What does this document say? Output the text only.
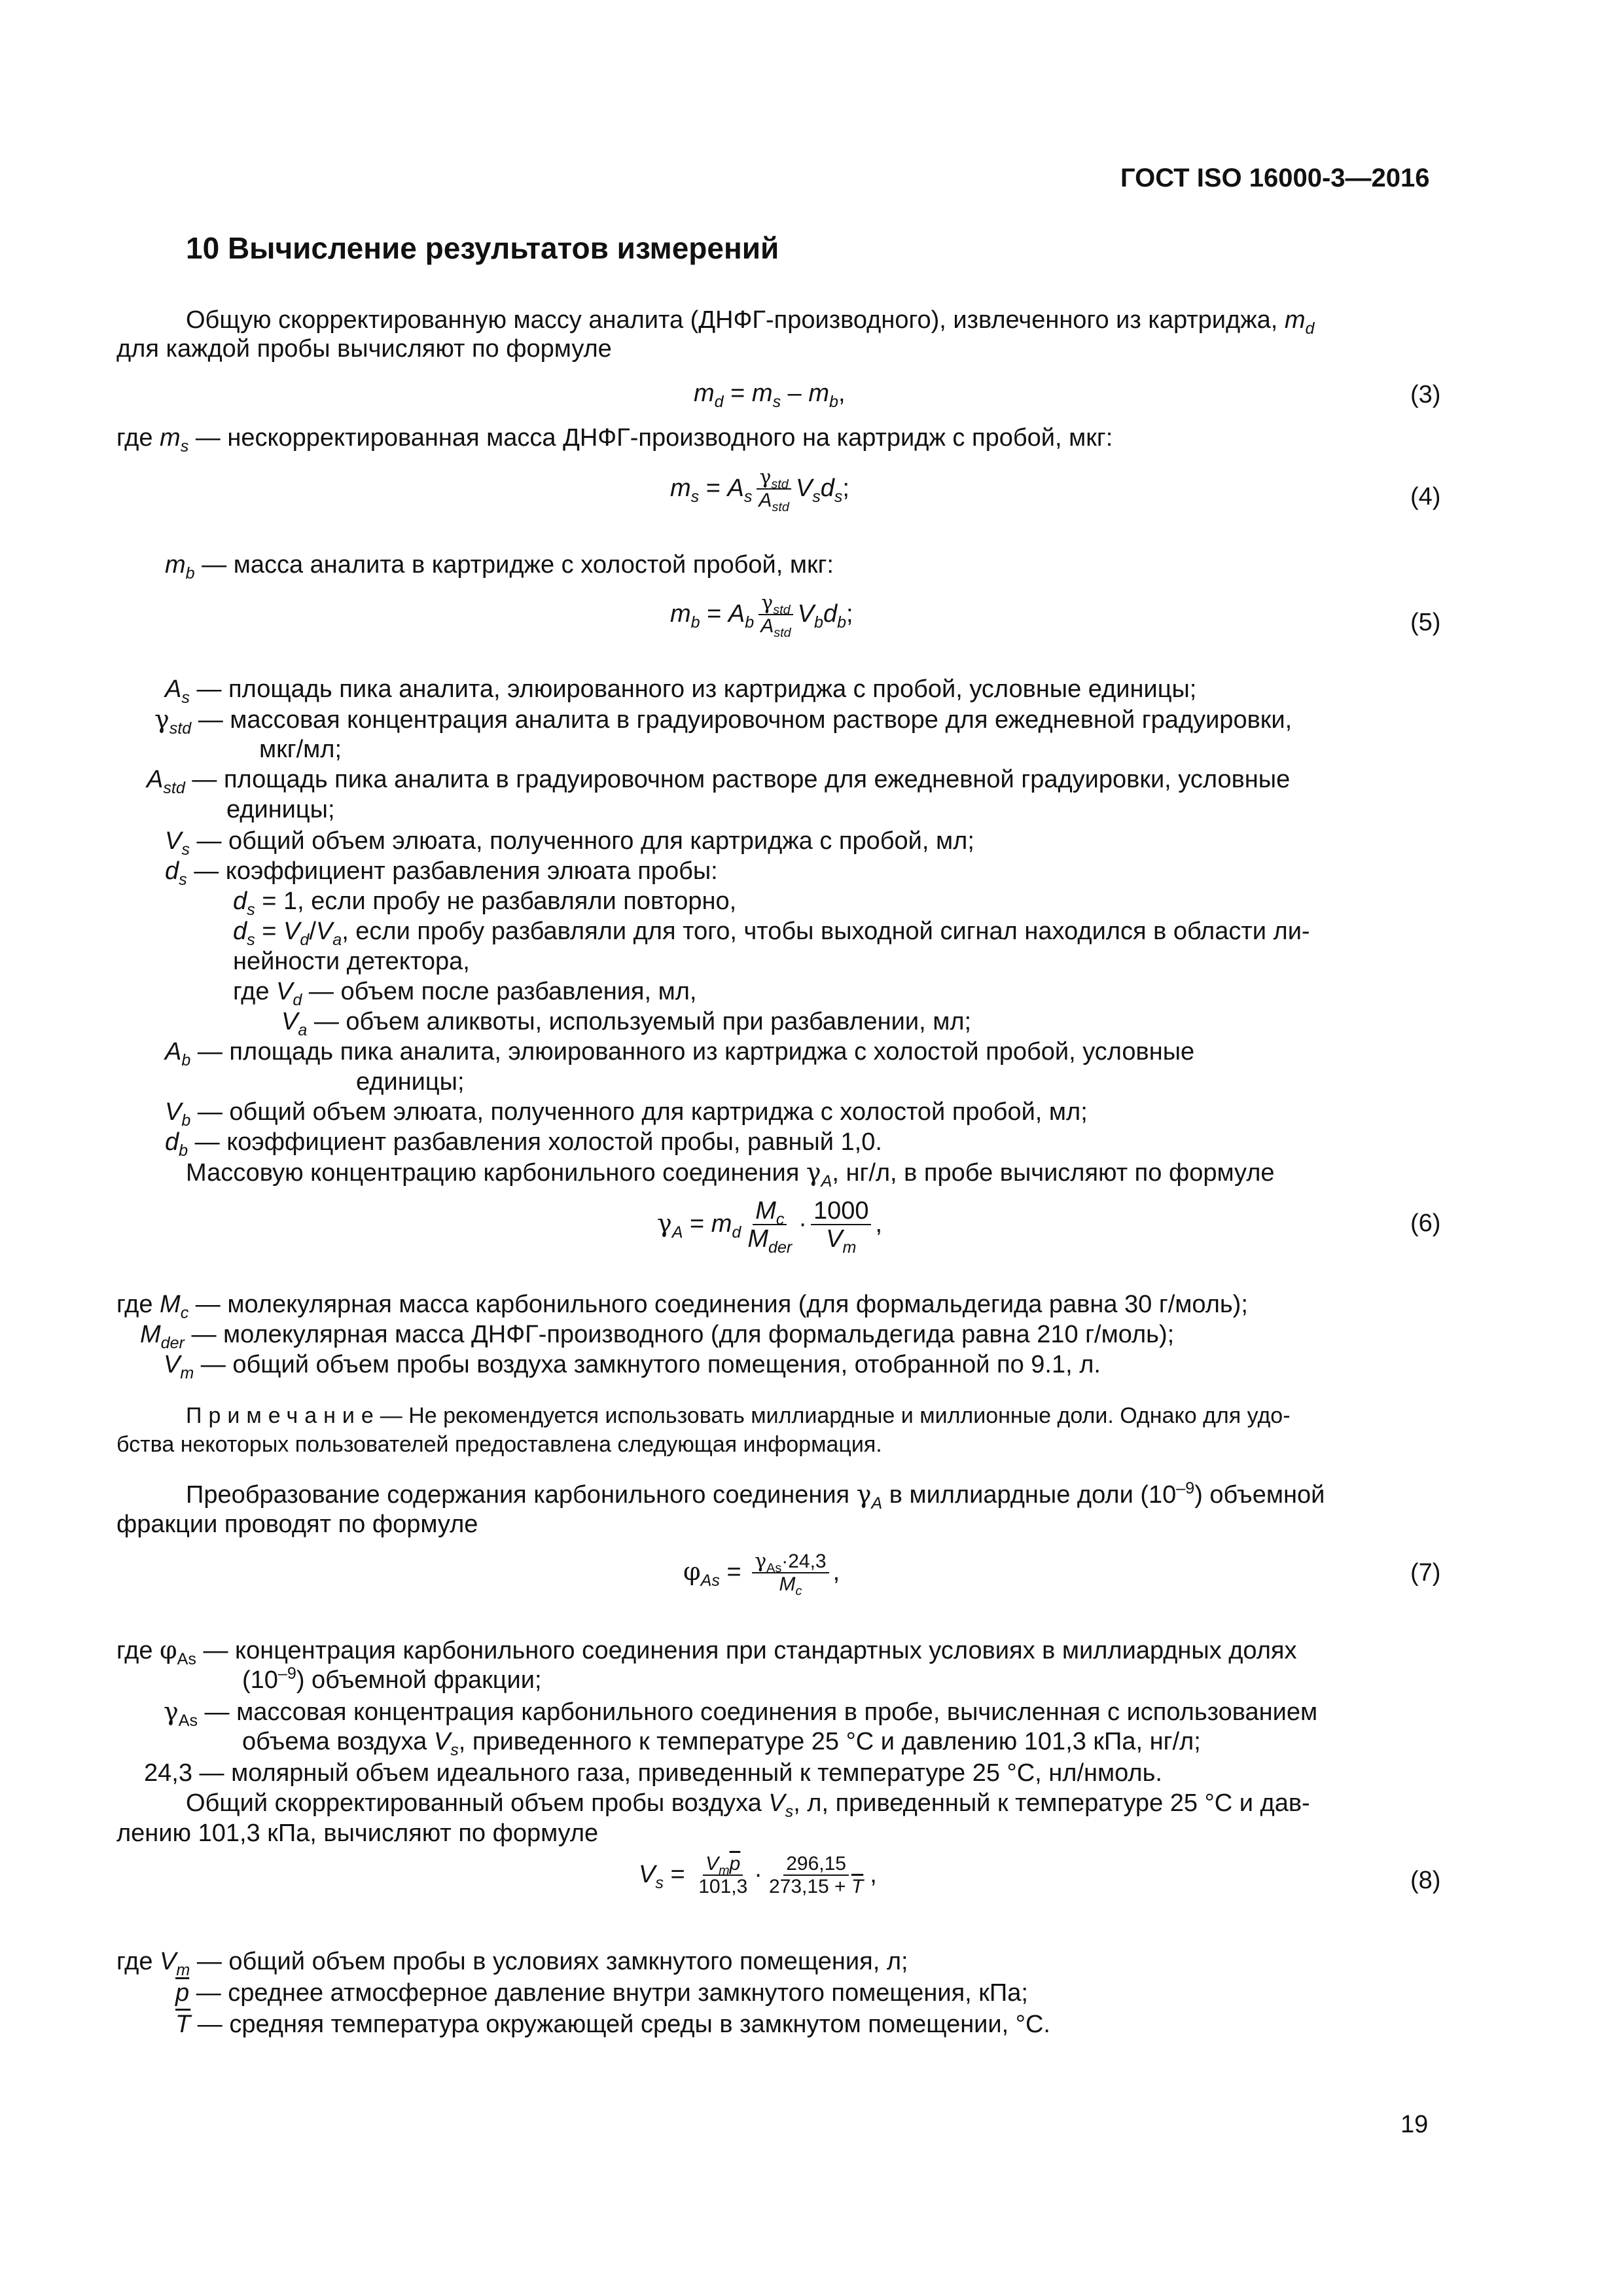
ГОСТ ISO 16000-3—2016
10 Вычисление результатов измерений
Общую скорректированную массу аналита (ДНФГ-производного), извлеченного из картриджа, $m_d$
для каждой пробы вычисляют по формуле
$m_d = m_s - m_b$,	(3)
где $m_s$ — нескорректированная масса ДНФГ-производного на картридж с пробой, мкг:
$m_s = A_s \frac{\gamma_{std}}{A_{std}} V_sd_s$;	(4)
$m_b$ — масса аналита в картридже с холостой пробой, мкг:
$m_b = A_b \frac{\gamma_{std}}{A_{std}} V_bd_b$;	(5)
$A_s$ — площадь пика аналита, элюированного из картриджа с пробой, условные единицы;
$\gamma_{std}$ — массовая концентрация аналита в градуировочном растворе для ежедневной градуировки,
мкг/мл;
$A_{std}$ — площадь пика аналита в градуировочном растворе для ежедневной градуировки, условные
единицы;
$V_s$ — общий объем элюата, полученного для картриджа с пробой, мл;
$d_s$ — коэффициент разбавления элюата пробы:
$d_s = 1$, если пробу не разбавляли повторно,
$d_s = V_d/V_a$, если пробу разбавляли для того, чтобы выходной сигнал находился в области ли-
нейности детектора,
где $V_d$ — объем после разбавления, мл,
$V_a$ — объем аликвоты, используемый при разбавлении, мл;
$A_b$ — площадь пика аналита, элюированного из картриджа с холостой пробой, условные
единицы;
$V_b$ — общий объем элюата, полученного для картриджа с холостой пробой, мл;
$d_b$ — коэффициент разбавления холостой пробы, равный 1,0.
Массовую концентрацию карбонильного соединения $\gamma_A$, нг/л, в пробе вычисляют по формуле
$\gamma_A = m_d \frac{M_c}{M_{der}} \cdot \frac{1000}{V_m}$ ,	(6)
где $M_c$ — молекулярная масса карбонильного соединения (для формальдегида равна 30 г/моль);
$M_{der}$ — молекулярная масса ДНФГ-производного (для формальдегида равна 210 г/моль);
$V_m$ — общий объем пробы воздуха замкнутого помещения, отобранной по 9.1, л.
Примечание— Не рекомендуется использовать миллиардные и миллионные доли. Однако для удо-
бства некоторых пользователей предоставлена следующая информация.
Преобразование содержания карбонильного соединения $\gamma_A$ в миллиардные доли $(10^{-9})$ объемной
фракции проводят по формуле
$\varphi_{As} = \frac{\gamma_{As}\cdot 24,3}{M_c}$ ,	(7)
где $\varphi_{As}$ — концентрация карбонильного соединения при стандартных условиях в миллиардных долях
$(10^{-9})$ объемной фракции;
$\gamma_{As}$ — массовая концентрация карбонильного соединения в пробе, вычисленная с использованием
объема воздуха $V_s$, приведенного к температуре 25 °С и давлению 101,3 кПа, нг/л;
24,3 — молярный объем идеального газа, приведенный к температуре 25 °С, нл/нмоль.
Общий скорректированный объем пробы воздуха $V_s$, л, приведенный к температуре 25 °С и дав-
лению 101,3 кПа, вычисляют по формуле
$V_s = \frac{V_m\overline{p}}{101,3} \cdot \frac{296,15}{273,15 + \overline{T}}$ ,	(8)
где $V_m$ — общий объем пробы в условиях замкнутого помещения, л;
$\overline{p}$ — среднее атмосферное давление внутри замкнутого помещения, кПа;
$\overline{T}$ — средняя температура окружающей среды в замкнутом помещении, °С.
19
